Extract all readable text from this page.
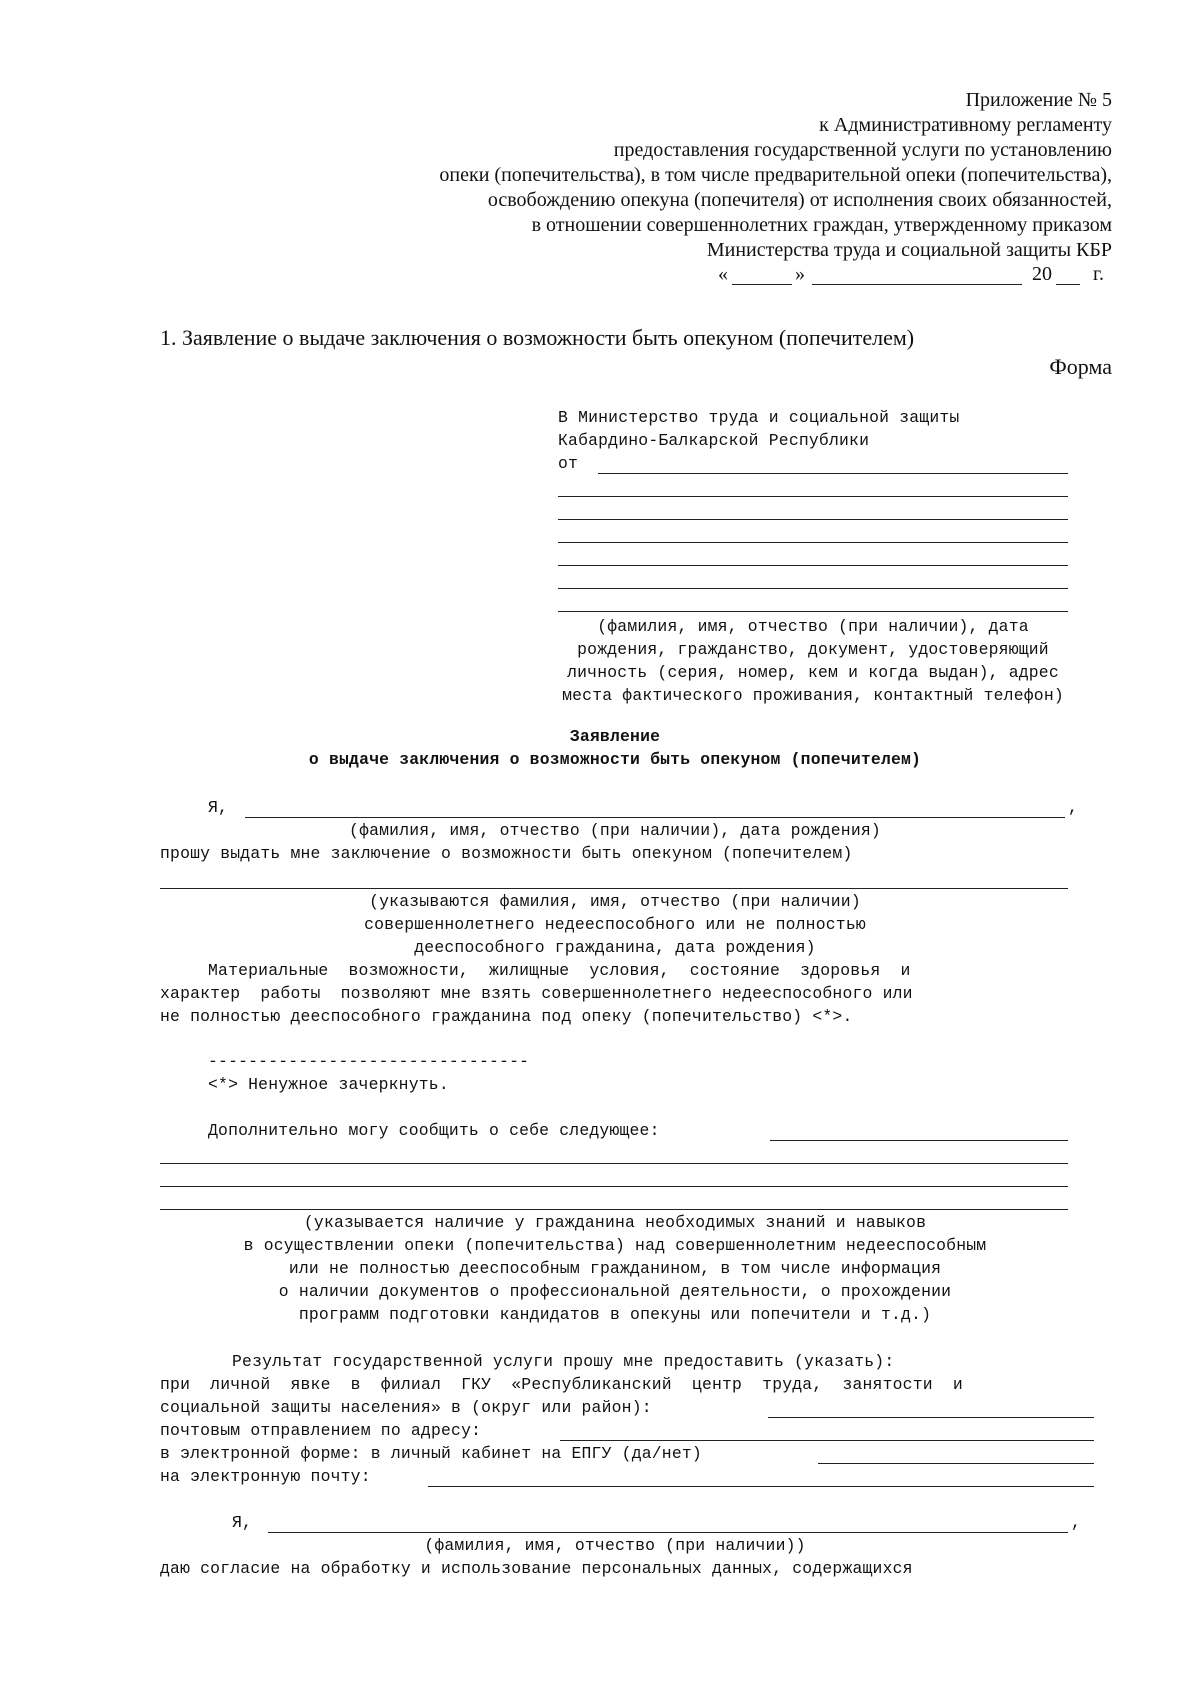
Приложение № 5
к Административному регламенту
предоставления государственной услуги по установлению
опеки (попечительства), в том числе предварительной опеки (попечительства),
освобождению опекуна (попечителя) от исполнения своих обязанностей,
в отношении совершеннолетних граждан, утвержденному приказом
Министерства труда и социальной защиты КБР
«	»	20 г.
1. Заявление о выдаче заключения о возможности быть опекуном (попечителем)
Форма
В Министерство труда и социальной защиты
Кабардино-Балкарской Республики
от
(фамилия, имя, отчество (при наличии), дата
рождения, гражданство, документ, удостоверяющий
личность (серия, номер, кем и когда выдан), адрес
места фактического проживания, контактный телефон)
Заявление
о выдаче заключения о возможности быть опекуном (попечителем)
Я,	,
(фамилия, имя, отчество (при наличии), дата рождения)
прошу выдать мне заключение о возможности быть опекуном (попечителем)
(указываются фамилия, имя, отчество (при наличии)
совершеннолетнего недееспособного или не полностью
дееспособного гражданина, дата рождения)
Материальные  возможности,  жилищные  условия,  состояние  здоровья  и
характер  работы  позволяют мне взять совершеннолетнего недееспособного или
не полностью дееспособного гражданина под опеку (попечительство) <*>.
--------------------------------
<*> Ненужное зачеркнуть.
Дополнительно могу сообщить о себе следующее:
(указывается наличие у гражданина необходимых знаний и навыков
в осуществлении опеки (попечительства) над совершеннолетним недееспособным
или не полностью дееспособным гражданином, в том числе информация
о наличии документов о профессиональной деятельности, о прохождении
программ подготовки кандидатов в опекуны или попечители и т.д.)
Результат государственной услуги прошу мне предоставить (указать):
при  личной  явке  в  филиал  ГКУ  «Республиканский  центр  труда,  занятости  и
социальной защиты населения» в (округ или район):
почтовым отправлением по адресу:
в электронной форме: в личный кабинет на ЕПГУ (да/нет)
на электронную почту:
Я,	,
(фамилия, имя, отчество (при наличии))
даю согласие на обработку и использование персональных данных, содержащихся
